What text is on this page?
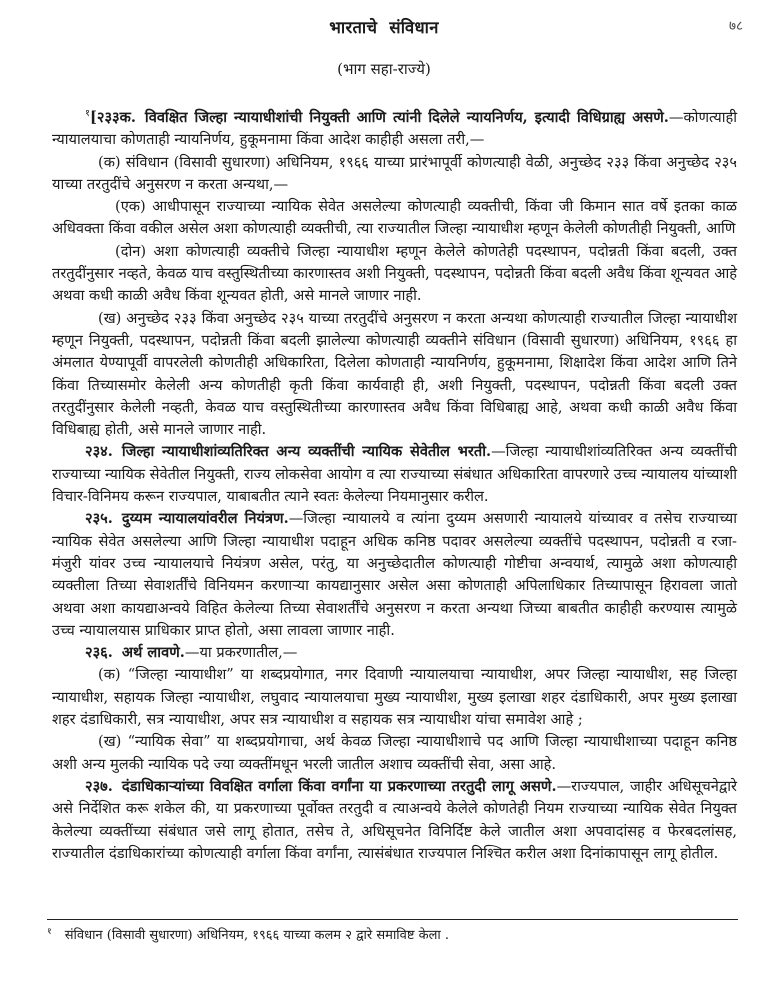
भारताचे संविधान	७८
(भाग सहा-राज्ये)

$^१$[२३३क. विवक्षित जिल्हा न्यायाधीशांची नियुक्ती आणि त्यांनी दिलेले न्यायनिर्णय, इत्यादी विधिग्राह्य असणे.—कोणत्याही न्यायालयाचा कोणताही न्यायनिर्णय, हुकूमनामा किंवा आदेश काहीही असला तरी,—

(क) संविधान (विसावी सुधारणा) अधिनियम, १९६६ याच्या प्रारंभापूर्वी कोणत्याही वेळी, अनुच्छेद २३३ किंवा अनुच्छेद २३५ याच्या तरतुदींचे अनुसरण न करता अन्यथा,—

(एक) आधीपासून राज्याच्या न्यायिक सेवेत असलेल्या कोणत्याही व्यक्तीची, किंवा जी किमान सात वर्षे इतका काळ अधिवक्ता किंवा वकील असेल अशा कोणत्याही व्यक्तीची, त्या राज्यातील जिल्हा न्यायाधीश म्हणून केलेली कोणतीही नियुक्ती, आणि

(दोन) अशा कोणत्याही व्यक्तीचे जिल्हा न्यायाधीश म्हणून केलेले कोणतेही पदस्थापन, पदोन्नती किंवा बदली, उक्त तरतुदींनुसार नव्हते, केवळ याच वस्तुस्थितीच्या कारणास्तव अशी नियुक्ती, पदस्थापन, पदोन्नती किंवा बदली अवैध किंवा शून्यवत आहे अथवा कधी काळी अवैध किंवा शून्यवत होती, असे मानले जाणार नाही.

(ख) अनुच्छेद २३३ किंवा अनुच्छेद २३५ याच्या तरतुदींचे अनुसरण न करता अन्यथा कोणत्याही राज्यातील जिल्हा न्यायाधीश म्हणून नियुक्ती, पदस्थापन, पदोन्नती किंवा बदली झालेल्या कोणत्याही व्यक्तीने संविधान (विसावी सुधारणा) अधिनियम, १९६६ हा अंमलात येण्यापूर्वी वापरलेली कोणतीही अधिकारिता, दिलेला कोणताही न्यायनिर्णय, हुकूमनामा, शिक्षादेश किंवा आदेश आणि तिने किंवा तिच्यासमोर केलेली अन्य कोणतीही कृती किंवा कार्यवाही ही, अशी नियुक्ती, पदस्थापन, पदोन्नती किंवा बदली उक्त तरतुदींनुसार केलेली नव्हती, केवळ याच वस्तुस्थितीच्या कारणास्तव अवैध किंवा विधिबाह्य आहे, अथवा कधी काळी अवैध किंवा विधिबाह्य होती, असे मानले जाणार नाही.

२३४. जिल्हा न्यायाधीशांव्यतिरिक्त अन्य व्यक्तींची न्यायिक सेवेतील भरती.—जिल्हा न्यायाधीशांव्यतिरिक्त अन्य व्यक्तींची राज्याच्या न्यायिक सेवेतील नियुक्ती, राज्य लोकसेवा आयोग व त्या राज्याच्या संबंधात अधिकारिता वापरणारे उच्च न्यायालय यांच्याशी विचार-विनिमय करून राज्यपाल, याबाबतीत त्याने स्वतः केलेल्या नियमानुसार करील.

२३५. दुय्यम न्यायालयांवरील नियंत्रण.—जिल्हा न्यायालये व त्यांना दुय्यम असणारी न्यायालये यांच्यावर व तसेच राज्याच्या न्यायिक सेवेत असलेल्या आणि जिल्हा न्यायाधीश पदाहून अधिक कनिष्ठ पदावर असलेल्या व्यक्तींचे पदस्थापन, पदोन्नती व रजा-मंजुरी यांवर उच्च न्यायालयाचे नियंत्रण असेल, परंतु, या अनुच्छेदातील कोणत्याही गोष्टीचा अन्वयार्थ, त्यामुळे अशा कोणत्याही व्यक्तीला तिच्या सेवाशर्तींचे विनियमन करणाऱ्या कायद्यानुसार असेल असा कोणताही अपिलाधिकार तिच्यापासून हिरावला जातो अथवा अशा कायद्याअन्वये विहित केलेल्या तिच्या सेवाशर्तींचे अनुसरण न करता अन्यथा जिच्या बाबतीत काहीही करण्यास त्यामुळे उच्च न्यायालयास प्राधिकार प्राप्त होतो, असा लावला जाणार नाही.

२३६. अर्थ लावणे.—या प्रकरणातील,—

(क) “जिल्हा न्यायाधीश” या शब्दप्रयोगात, नगर दिवाणी न्यायालयाचा न्यायाधीश, अपर जिल्हा न्यायाधीश, सह जिल्हा न्यायाधीश, सहायक जिल्हा न्यायाधीश, लघुवाद न्यायालयाचा मुख्य न्यायाधीश, मुख्य इलाखा शहर दंडाधिकारी, अपर मुख्य इलाखा शहर दंडाधिकारी, सत्र न्यायाधीश, अपर सत्र न्यायाधीश व सहायक सत्र न्यायाधीश यांचा समावेश आहे ;

(ख) “न्यायिक सेवा” या शब्दप्रयोगाचा, अर्थ केवळ जिल्हा न्यायाधीशाचे पद आणि जिल्हा न्यायाधीशाच्या पदाहून कनिष्ठ अशी अन्य मुलकी न्यायिक पदे ज्या व्यक्तींमधून भरली जातील अशाच व्यक्तींची सेवा, असा आहे.

२३७. दंडाधिकाऱ्यांच्या विवक्षित वर्गाला किंवा वर्गांना या प्रकरणाच्या तरतुदी लागू असणे.—राज्यपाल, जाहीर अधिसूचनेद्वारे असे निर्देशित करू शकेल की, या प्रकरणाच्या पूर्वोक्त तरतुदी व त्याअन्वये केलेले कोणतेही नियम राज्याच्या न्यायिक सेवेत नियुक्त केलेल्या व्यक्तींच्या संबंधात जसे लागू होतात, तसेच ते, अधिसूचनेत विनिर्दिष्ट केले जातील अशा अपवादांसह व फेरबदलांसह, राज्यातील दंडाधिकारांच्या कोणत्याही वर्गाला किंवा वर्गांना, त्यासंबंधात राज्यपाल निश्चित करील अशा दिनांकापासून लागू होतील.

$^१$ संविधान (विसावी सुधारणा) अधिनियम, १९६६ याच्या कलम २ द्वारे समाविष्ट केला .
